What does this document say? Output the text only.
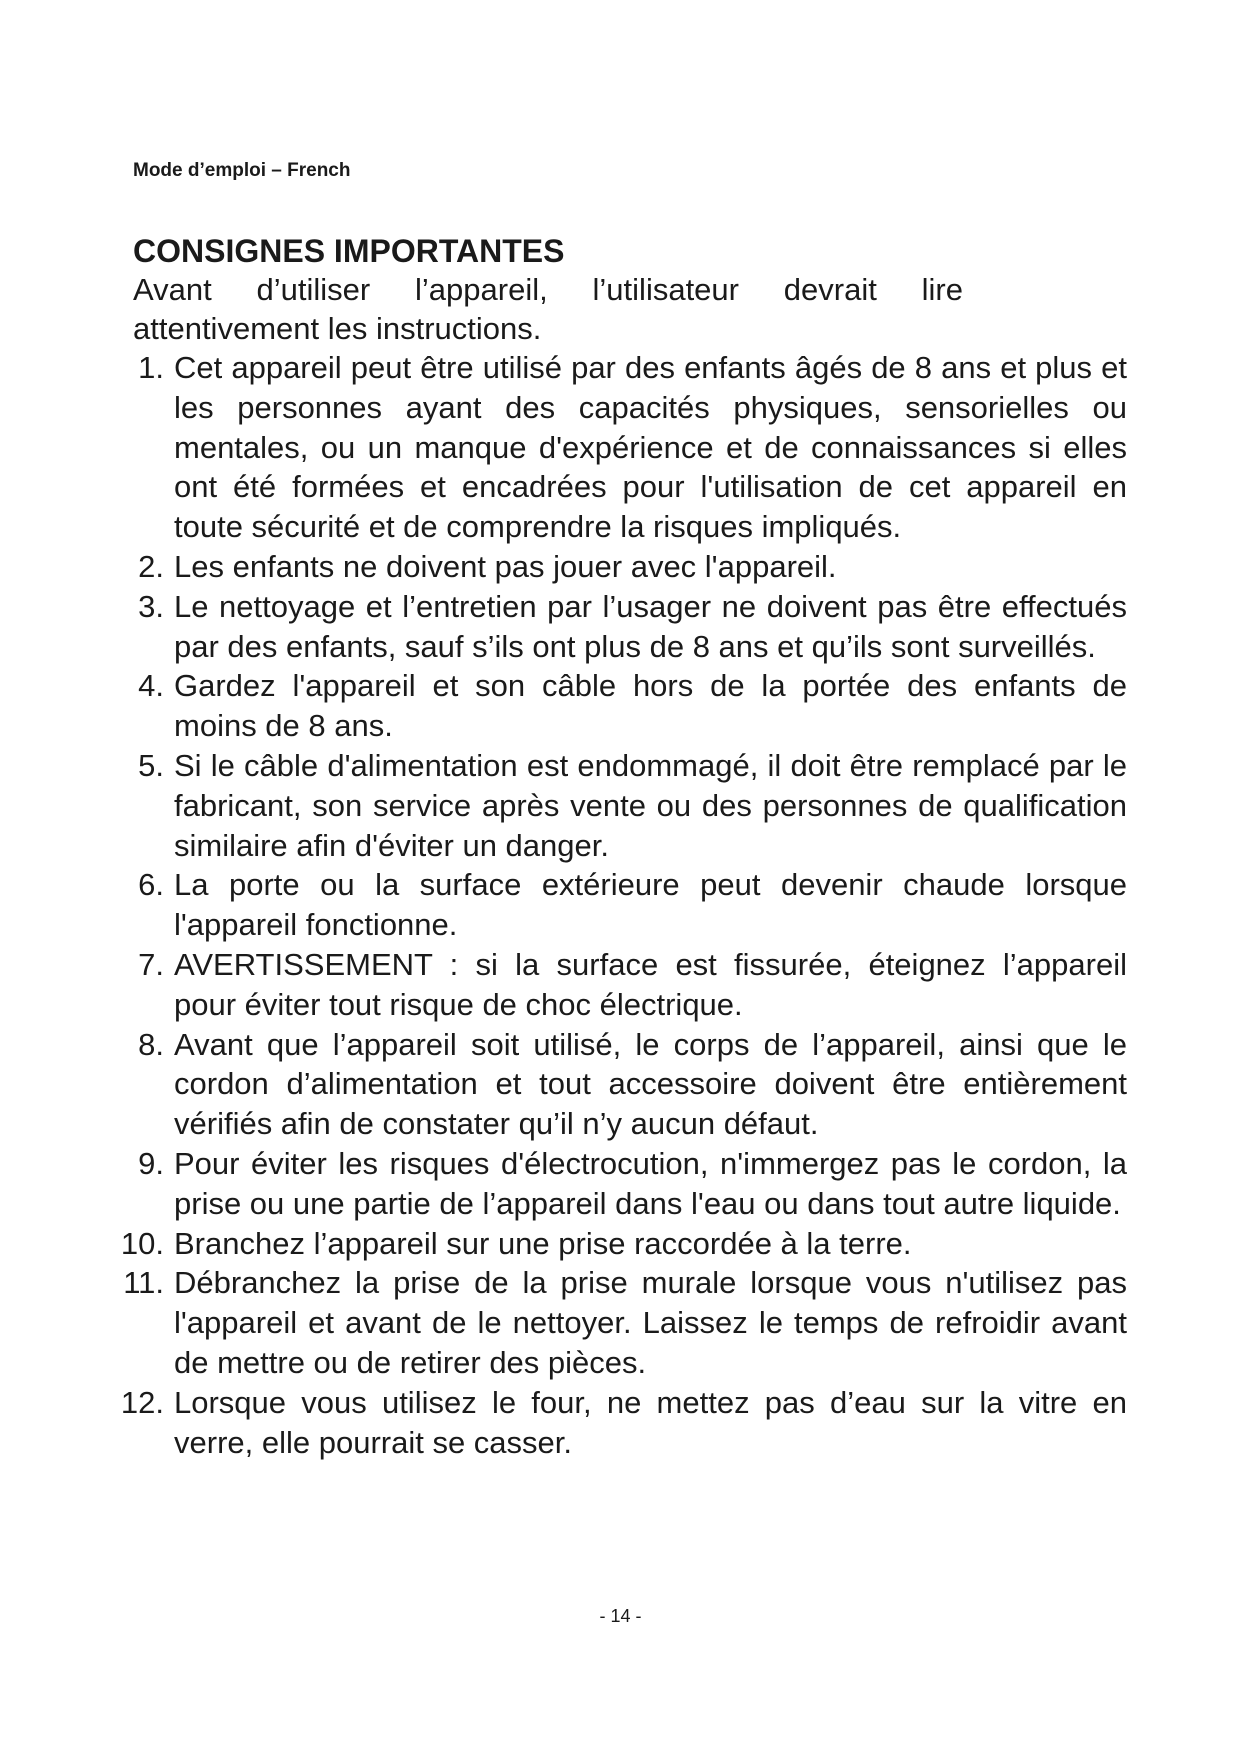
Mode d’emploi – French
CONSIGNES IMPORTANTES

Avant d’utiliser l’appareil, l’utilisateur devrait lire attentivement les instructions.

1. Cet appareil peut être utilisé par des enfants âgés de 8 ans et plus et les personnes ayant des capacités physiques, sensorielles ou mentales, ou un manque d'expérience et de connaissances si elles ont été formées et encadrées pour l'utilisation de cet appareil en toute sécurité et de comprendre la risques impliqués.
2. Les enfants ne doivent pas jouer avec l'appareil.
3. Le nettoyage et l’entretien par l’usager ne doivent pas être effectués par des enfants, sauf s’ils ont plus de 8 ans et qu’ils sont surveillés.
4. Gardez l'appareil et son câble hors de la portée des enfants de moins de 8 ans.
5. Si le câble d'alimentation est endommagé, il doit être remplacé par le fabricant, son service après vente ou des personnes de qualification similaire afin d'éviter un danger.
6. La porte ou la surface extérieure peut devenir chaude lorsque l'appareil fonctionne.
7. AVERTISSEMENT : si la surface est fissurée, éteignez l’appareil pour éviter tout risque de choc électrique.
8. Avant que l’appareil soit utilisé, le corps de l’appareil, ainsi que le cordon d’alimentation et tout accessoire doivent être entièrement vérifiés afin de constater qu’il n’y aucun défaut.
9. Pour éviter les risques d'électrocution, n'immergez pas le cordon, la prise ou une partie de l’appareil dans l'eau ou dans tout autre liquide.
10. Branchez l’appareil sur une prise raccordée à la terre.
11. Débranchez la prise de la prise murale lorsque vous n'utilisez pas l'appareil et avant de le nettoyer. Laissez le temps de refroidir avant de mettre ou de retirer des pièces.
12. Lorsque vous utilisez le four, ne mettez pas d’eau sur la vitre en verre, elle pourrait se casser.
- 14 -
